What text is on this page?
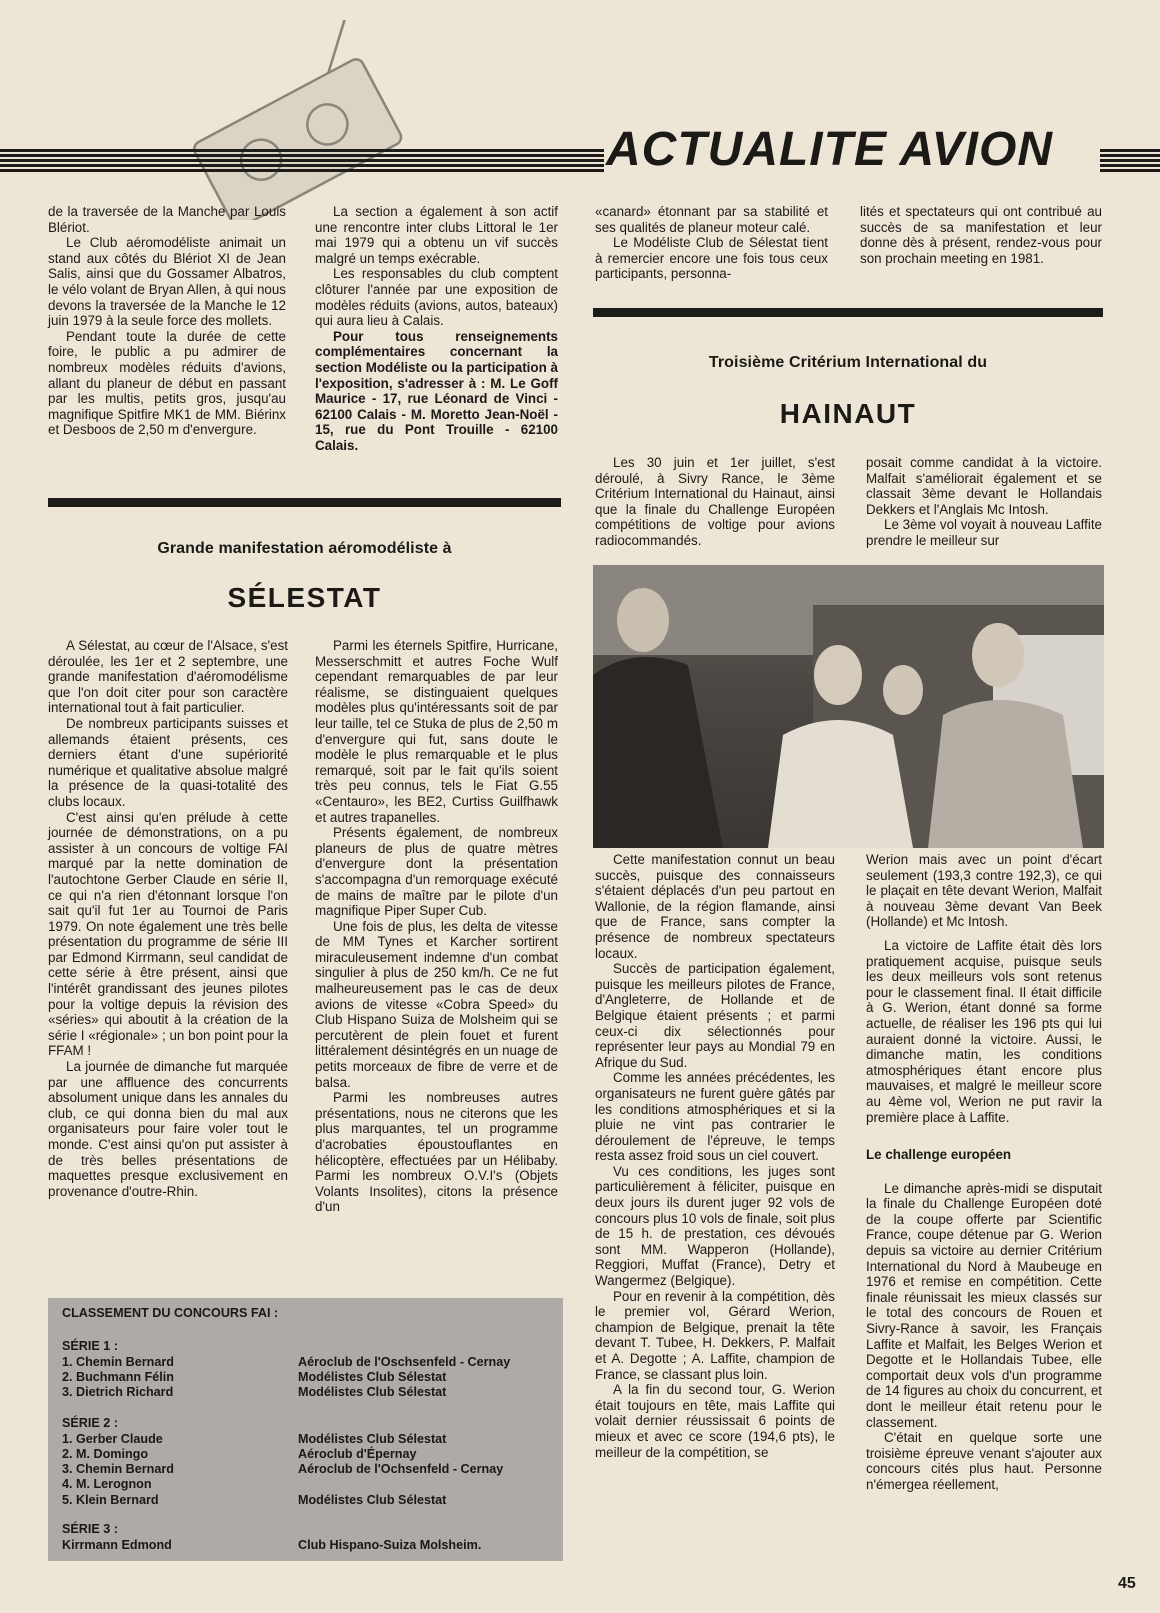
ACTUALITE AVION

de la traversée de la Manche par Louis Blériot.

Le Club aéromodéliste animait un stand aux côtés du Blériot XI de Jean Salis, ainsi que du Gossamer Albatros, le vélo volant de Bryan Allen, à qui nous devons la traversée de la Manche le 12 juin 1979 à la seule force des mollets.

Pendant toute la durée de cette foire, le public a pu admirer de nombreux modèles réduits d'avions, allant du planeur de début en passant par les multis, petits gros, jusqu'au magnifique Spitfire MK1 de MM. Biérinx et Desboos de 2,50 m d'envergure.

La section a également à son actif une rencontre inter clubs Littoral le 1er mai 1979 qui a obtenu un vif succès malgré un temps exécrable.

Les responsables du club comptent clôturer l'année par une exposition de modèles réduits (avions, autos, bateaux) qui aura lieu à Calais.

Pour tous renseignements complémentaires concernant la section Modéliste ou la participation à l'exposition, s'adresser à : M. Le Goff Maurice - 17, rue Léonard de Vinci - 62100 Calais - M. Moretto Jean-Noël - 15, rue du Pont Trouille - 62100 Calais.

«canard» étonnant par sa stabilité et ses qualités de planeur moteur calé.

Le Modéliste Club de Sélestat tient à remercier encore une fois tous ceux participants, personna-

lités et spectateurs qui ont contribué au succès de sa manifestation et leur donne dès à présent, rendez-vous pour son prochain meeting en 1981.

Grande manifestation aéromodéliste à
SÉLESTAT

A Sélestat, au cœur de l'Alsace, s'est déroulée, les 1er et 2 septembre, une grande manifestation d'aéromodélisme que l'on doit citer pour son caractère international tout à fait particulier.

De nombreux participants suisses et allemands étaient présents, ces derniers étant d'une supériorité numérique et qualitative absolue malgré la présence de la quasi-totalité des clubs locaux.

C'est ainsi qu'en prélude à cette journée de démonstrations, on a pu assister à un concours de voltige FAI marqué par la nette domination de l'autochtone Gerber Claude en série II, ce qui n'a rien d'étonnant lorsque l'on sait qu'il fut 1er au Tournoi de Paris 1979. On note également une très belle présentation du programme de série III par Edmond Kirrmann, seul candidat de cette série à être présent, ainsi que l'intérêt grandissant des jeunes pilotes pour la voltige depuis la révision des «séries» qui aboutit à la création de la série I «régionale» ; un bon point pour la FFAM !

La journée de dimanche fut marquée par une affluence des concurrents absolument unique dans les annales du club, ce qui donna bien du mal aux organisateurs pour faire voler tout le monde. C'est ainsi qu'on put assister à de très belles présentations de maquettes presque exclusivement en provenance d'outre-Rhin.

Parmi les éternels Spitfire, Hurricane, Messerschmitt et autres Foche Wulf cependant remarquables de par leur réalisme, se distinguaient quelques modèles plus qu'intéressants soit de par leur taille, tel ce Stuka de plus de 2,50 m d'envergure qui fut, sans doute le modèle le plus remarquable et le plus remarqué, soit par le fait qu'ils soient très peu connus, tels le Fiat G.55 «Centauro», les BE2, Curtiss Guilfhawk et autres trapanelles.

Présents également, de nombreux planeurs de plus de quatre mètres d'envergure dont la présentation s'accompagna d'un remorquage exécuté de mains de maître par le pilote d'un magnifique Piper Super Cub.

Une fois de plus, les delta de vitesse de MM Tynes et Karcher sortirent miraculeusement indemne d'un combat singulier à plus de 250 km/h. Ce ne fut malheureusement pas le cas de deux avions de vitesse «Cobra Speed» du Club Hispano Suiza de Molsheim qui se percutèrent de plein fouet et furent littéralement désintégrés en un nuage de petits morceaux de fibre de verre et de balsa.

Parmi les nombreuses autres présentations, nous ne citerons que les plus marquantes, tel un programme d'acrobaties époustouflantes en hélicoptère, effectuées par un Hélibaby. Parmi les nombreux O.V.I's (Objets Volants Insolites), citons la présence d'un

CLASSEMENT DU CONCOURS FAI :
SÉRIE 1 :
1. Chemin Bernard	Aéroclub de l'Oschsenfeld - Cernay
2. Buchmann Félin	Modélistes Club Sélestat
3. Dietrich Richard	Modélistes Club Sélestat
SÉRIE 2 :
1. Gerber Claude	Modélistes Club Sélestat
2. M. Domingo	Aéroclub d'Épernay
3. Chemin Bernard	Aéroclub de l'Ochsenfeld - Cernay
4. M. Lerognon
5. Klein Bernard	Modélistes Club Sélestat
SÉRIE 3 :
Kirrmann Edmond	Club Hispano-Suiza Molsheim.
Troisième Critérium International du
HAINAUT

Les 30 juin et 1er juillet, s'est déroulé, à Sivry Rance, le 3ème Critérium International du Hainaut, ainsi que la finale du Challenge Européen compétitions de voltige pour avions radiocommandés.

posait comme candidat à la victoire. Malfait s'améliorait également et se classait 3ème devant le Hollandais Dekkers et l'Anglais Mc Intosh.

Le 3ème vol voyait à nouveau Laffite prendre le meilleur sur

Cette manifestation connut un beau succès, puisque des connaisseurs s'étaient déplacés d'un peu partout en Wallonie, de la région flamande, ainsi que de France, sans compter la présence de nombreux spectateurs locaux.

Succès de participation également, puisque les meilleurs pilotes de France, d'Angleterre, de Hollande et de Belgique étaient présents ; et parmi ceux-ci dix sélectionnés pour représenter leur pays au Mondial 79 en Afrique du Sud.

Comme les années précédentes, les organisateurs ne furent guère gâtés par les conditions atmosphériques et si la pluie ne vint pas contrarier le déroulement de l'épreuve, le temps resta assez froid sous un ciel couvert.

Vu ces conditions, les juges sont particulièrement à féliciter, puisque en deux jours ils durent juger 92 vols de concours plus 10 vols de finale, soit plus de 15 h. de prestation, ces dévoués sont MM. Wapperon (Hollande), Reggiori, Muffat (France), Detry et Wangermez (Belgique).

Pour en revenir à la compétition, dès le premier vol, Gérard Werion, champion de Belgique, prenait la tête devant T. Tubee, H. Dekkers, P. Malfait et A. Degotte ; A. Laffite, champion de France, se classant plus loin.

A la fin du second tour, G. Werion était toujours en tête, mais Laffite qui volait dernier réussissait 6 points de mieux et avec ce score (194,6 pts), le meilleur de la compétition, se

Werion mais avec un point d'écart seulement (193,3 contre 192,3), ce qui le plaçait en tête devant Werion, Malfait à nouveau 3ème devant Van Beek (Hollande) et Mc Intosh.

La victoire de Laffite était dès lors pratiquement acquise, puisque seuls les deux meilleurs vols sont retenus pour le classement final. Il était difficile à G. Werion, étant donné sa forme actuelle, de réaliser les 196 pts qui lui auraient donné la victoire. Aussi, le dimanche matin, les conditions atmosphériques étant encore plus mauvaises, et malgré le meilleur score au 4ème vol, Werion ne put ravir la première place à Laffite.

Le challenge européen

Le dimanche après-midi se disputait la finale du Challenge Européen doté de la coupe offerte par Scientific France, coupe détenue par G. Werion depuis sa victoire au dernier Critérium International du Nord à Maubeuge en 1976 et remise en compétition. Cette finale réunissait les mieux classés sur le total des concours de Rouen et Sivry-Rance à savoir, les Français Laffite et Malfait, les Belges Werion et Degotte et le Hollandais Tubee, elle comportait deux vols d'un programme de 14 figures au choix du concurrent, et dont le meilleur était retenu pour le classement.

C'était en quelque sorte une troisième épreuve venant s'ajouter aux concours cités plus haut. Personne n'émergea réellement,

45
